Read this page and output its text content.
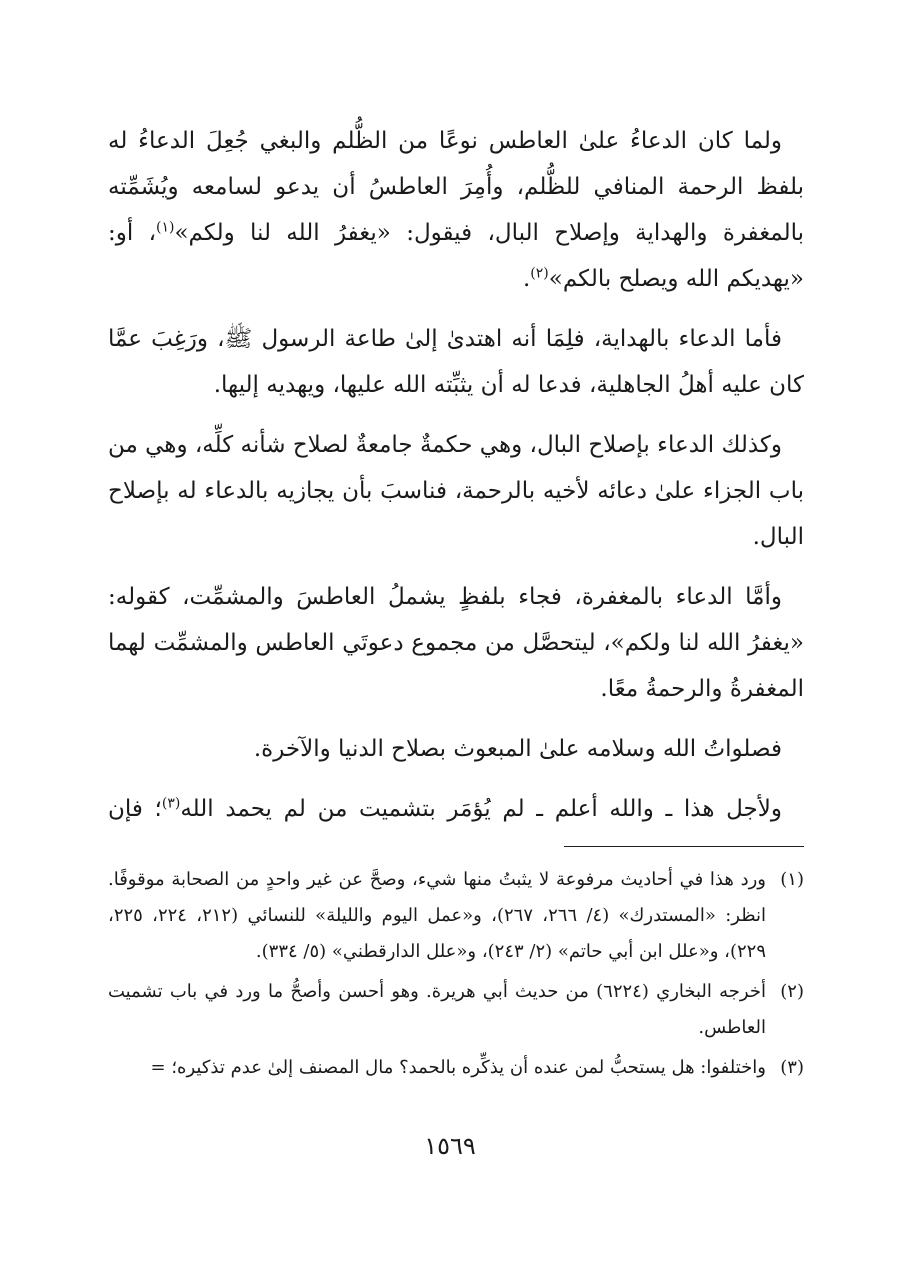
ولما كان الدعاءُ علىٰ العاطس نوعًا من الظُّلم والبغي جُعِلَ الدعاءُ له بلفظ الرحمة المنافي للظُّلم، وأُمِرَ العاطسُ أن يدعو لسامعه ويُشَمِّته بالمغفرة والهداية وإصلاح البال، فيقول: «يغفرُ الله لنا ولكم»$^{(١)}$، أو: «يهديكم الله ويصلح بالكم»$^{(٢)}$.

فأما الدعاء بالهداية، فلِمَا أنه اهتدىٰ إلىٰ طاعة الرسول ﷺ، ورَغِبَ عمَّا كان عليه أهلُ الجاهلية، فدعا له أن يثبِّته الله عليها، ويهديه إليها.

وكذلك الدعاء بإصلاح البال، وهي حكمةٌ جامعةٌ لصلاح شأنه كلِّه، وهي من باب الجزاء علىٰ دعائه لأخيه بالرحمة، فناسبَ بأن يجازيه بالدعاء له بإصلاح البال.

وأمَّا الدعاء بالمغفرة، فجاء بلفظٍ يشملُ العاطسَ والمشمِّت، كقوله: «يغفرُ الله لنا ولكم»، ليتحصَّل من مجموع دعوتَي العاطس والمشمِّت لهما المغفرةُ والرحمةُ معًا.

فصلواتُ الله وسلامه علىٰ المبعوث بصلاح الدنيا والآخرة.

ولأجل هذا ـ والله أعلم ـ لم يُؤمَر بتشميت من لم يحمد الله$^{(٣)}$؛ فإن

(١)
ورد هذا في أحاديث مرفوعة لا يثبتُ منها شيء، وصحَّ عن غير واحدٍ من الصحابة موقوفًا. انظر: «المستدرك» (٤/ ٢٦٦، ٢٦٧)، و«عمل اليوم والليلة» للنسائي (٢١٢، ٢٢٤، ٢٢٥، ٢٢٩)، و«علل ابن أبي حاتم» (٢/ ٢٤٣)، و«علل الدارقطني» (٥/ ٣٣٤).
(٢)
أخرجه البخاري (٦٢٢٤) من حديث أبي هريرة. وهو أحسن وأصحُّ ما ورد في باب تشميت العاطس.
(٣)
واختلفوا: هل يستحبُّ لمن عنده أن يذكِّره بالحمد؟ مال المصنف إلىٰ عدم تذكيره؛ =
١٥٦٩
